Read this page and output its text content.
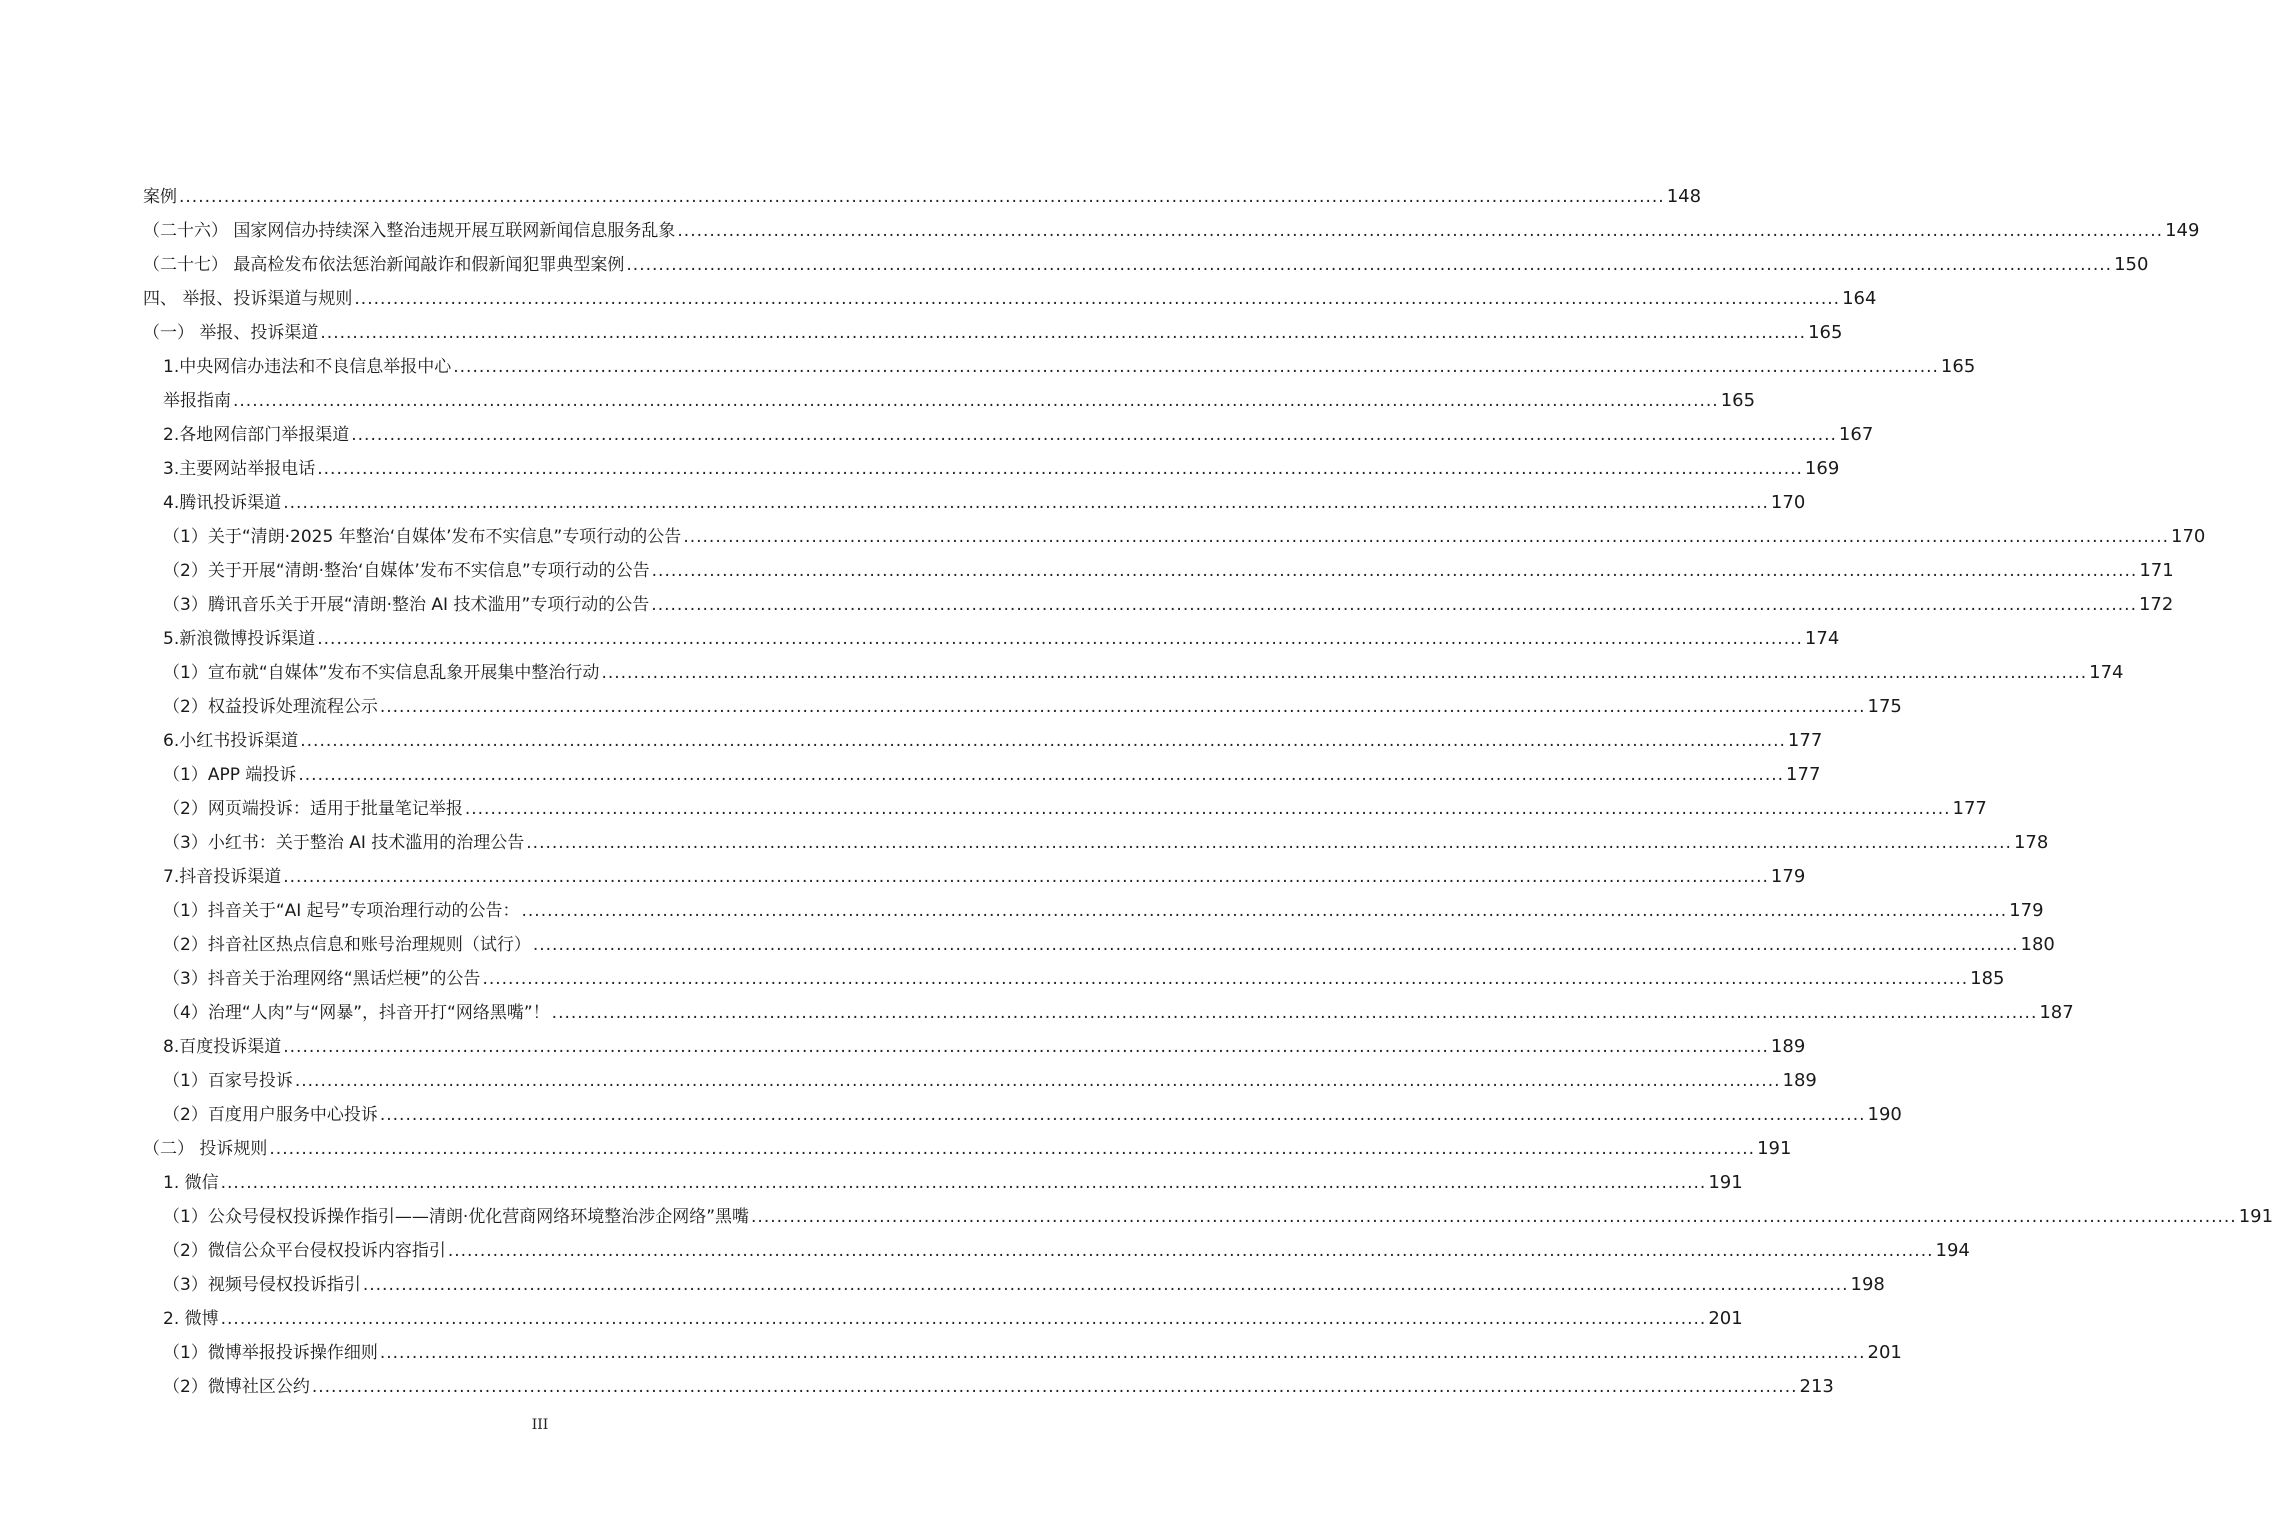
案例 .....	148
（二十六） 国家网信办持续深入整治违规开展互联网新闻信息服务乱象 .....	149
（二十七） 最高检发布依法惩治新闻敲诈和假新闻犯罪典型案例 .....	150
四、 举报、投诉渠道与规则 .....	164
（一） 举报、投诉渠道 .....	165
1.中央网信办违法和不良信息举报中心 .....	165
举报指南 .....	165
2.各地网信部门举报渠道 .....	167
3.主要网站举报电话 .....	169
4.腾讯投诉渠道 .....	170
（1）关于“清朗·2025 年整治‘自媒体’发布不实信息”专项行动的公告 .....	170
（2）关于开展“清朗·整治‘自媒体’发布不实信息”专项行动的公告 .....	171
（3）腾讯音乐关于开展“清朗·整治 AI 技术滥用”专项行动的公告 .....	172
5.新浪微博投诉渠道 .....	174
（1）宣布就“自媒体”发布不实信息乱象开展集中整治行动 .....	174
（2）权益投诉处理流程公示 .....	175
6.小红书投诉渠道 .....	177
（1）APP 端投诉 .....	177
（2）网页端投诉：适用于批量笔记举报 .....	177
（3）小红书：关于整治 AI 技术滥用的治理公告 .....	178
7.抖音投诉渠道 .....	179
（1）抖音关于“AI 起号”专项治理行动的公告： .....	179
（2）抖音社区热点信息和账号治理规则（试行） .....	180
（3）抖音关于治理网络“黑话烂梗”的公告 .....	185
（4）治理“人肉”与“网暴”，抖音开打“网络黑嘴”！ .....	187
8.百度投诉渠道 .....	189
（1）百家号投诉 .....	189
（2）百度用户服务中心投诉 .....	190
（二） 投诉规则 .....	191
1. 微信 .....	191
（1）公众号侵权投诉操作指引——清朗·优化营商网络环境整治涉企网络”黑嘴 .....	191
（2）微信公众平台侵权投诉内容指引 .....	194
（3）视频号侵权投诉指引 .....	198
2. 微博 .....	201
（1）微博举报投诉操作细则 .....	201
（2）微博社区公约 .....	213
III
